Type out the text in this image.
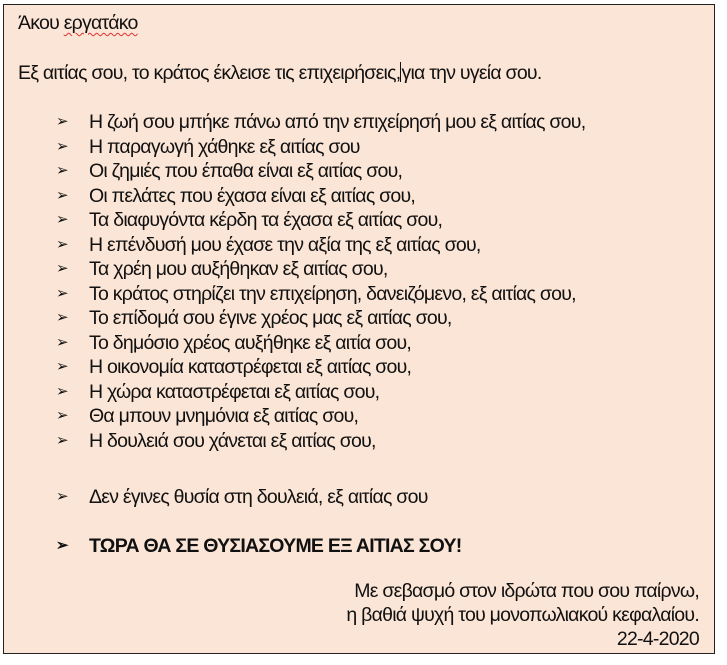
Άκου εργατάκο
Εξ αιτίας σου, το κράτος έκλεισε τις επιχειρήσεις,για την υγεία σου.
➢	Η ζωή σου μπήκε πάνω από την επιχείρησή μου εξ αιτίας σου,
➢	Η παραγωγή χάθηκε εξ αιτίας σου
➢	Οι ζημιές που έπαθα είναι εξ αιτίας σου,
➢	Οι πελάτες που έχασα είναι εξ αιτίας σου,
➢	Τα διαφυγόντα κέρδη τα έχασα εξ αιτίας σου,
➢	Η επένδυσή μου έχασε την αξία της εξ αιτίας σου,
➢	Τα χρέη μου αυξήθηκαν εξ αιτίας σου,
➢	Το κράτος στηρίζει την επιχείρηση, δανειζόμενο, εξ αιτίας σου,
➢	Το επίδομά σου έγινε χρέος μας εξ αιτίας σου,
➢	Το δημόσιο χρέος αυξήθηκε εξ αιτία σου,
➢	Η οικονομία καταστρέφεται εξ αιτίας σου,
➢	Η χώρα καταστρέφεται εξ αιτίας σου,
➢	Θα μπουν μνημόνια εξ αιτίας σου,
➢	Η δουλειά σου χάνεται εξ αιτίας σου,
➢	Δεν έγινες θυσία στη δουλειά, εξ αιτίας σου
➢	ΤΩΡΑ ΘΑ ΣΕ ΘΥΣΙΑΣΟΥΜΕ ΕΞ ΑΙΤΙΑΣ ΣΟΥ!
Με σεβασμό στον ιδρώτα που σου παίρνω,
η βαθιά ψυχή του μονοπωλιακού κεφαλαίου.
22-4-2020
